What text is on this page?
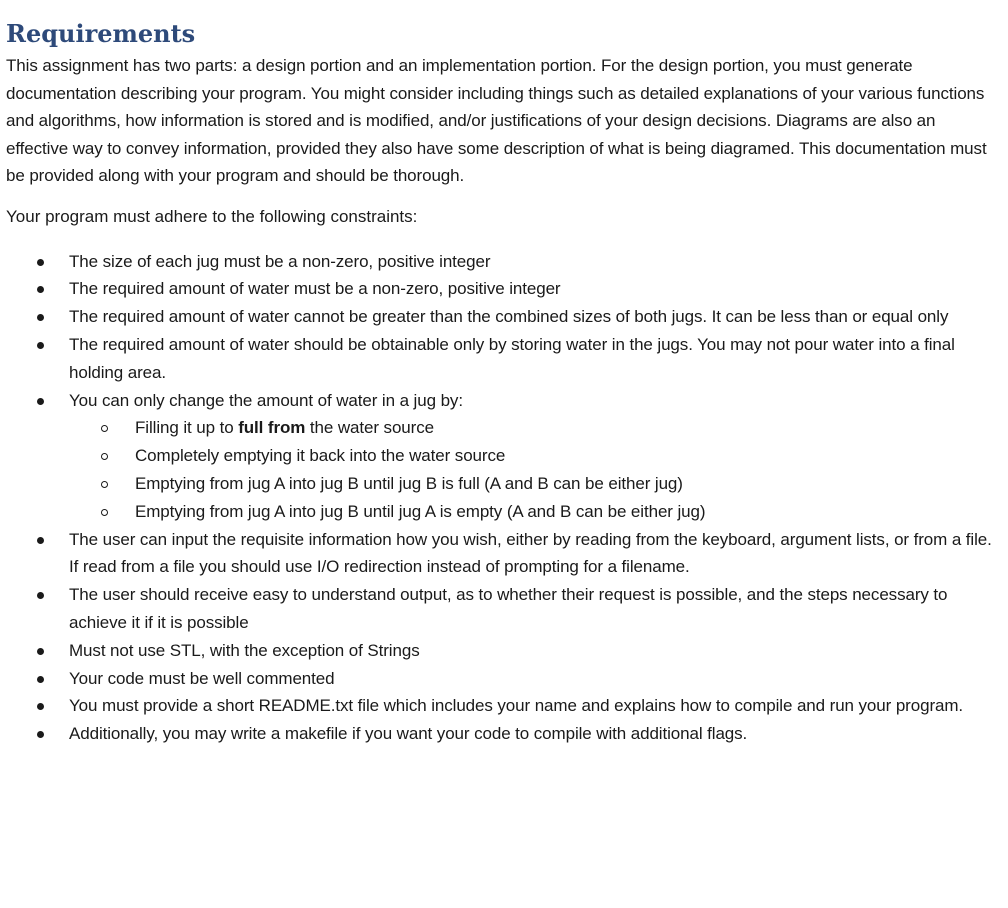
Requirements

This assignment has two parts: a design portion and an implementation portion. For the design portion, you must generate documentation describing your program. You might consider including things such as detailed explanations of your various functions and algorithms, how information is stored and is modified, and/or justifications of your design decisions. Diagrams are also an effective way to convey information, provided they also have some description of what is being diagramed. This documentation must be provided along with your program and should be thorough.

Your program must adhere to the following constraints:

The size of each jug must be a non-zero, positive integer
The required amount of water must be a non-zero, positive integer
The required amount of water cannot be greater than the combined sizes of both jugs. It can be less than or equal only
The required amount of water should be obtainable only by storing water in the jugs. You may not pour water into a final holding area.
You can only change the amount of water in a jug by:
Filling it up to full from the water source
Completely emptying it back into the water source
Emptying from jug A into jug B until jug B is full (A and B can be either jug)
Emptying from jug A into jug B until jug A is empty (A and B can be either jug)
The user can input the requisite information how you wish, either by reading from the keyboard, argument lists, or from a file. If read from a file you should use I/O redirection instead of prompting for a filename.
The user should receive easy to understand output, as to whether their request is possible, and the steps necessary to achieve it if it is possible
Must not use STL, with the exception of Strings
Your code must be well commented
You must provide a short README.txt file which includes your name and explains how to compile and run your program.
Additionally, you may write a makefile if you want your code to compile with additional flags.
